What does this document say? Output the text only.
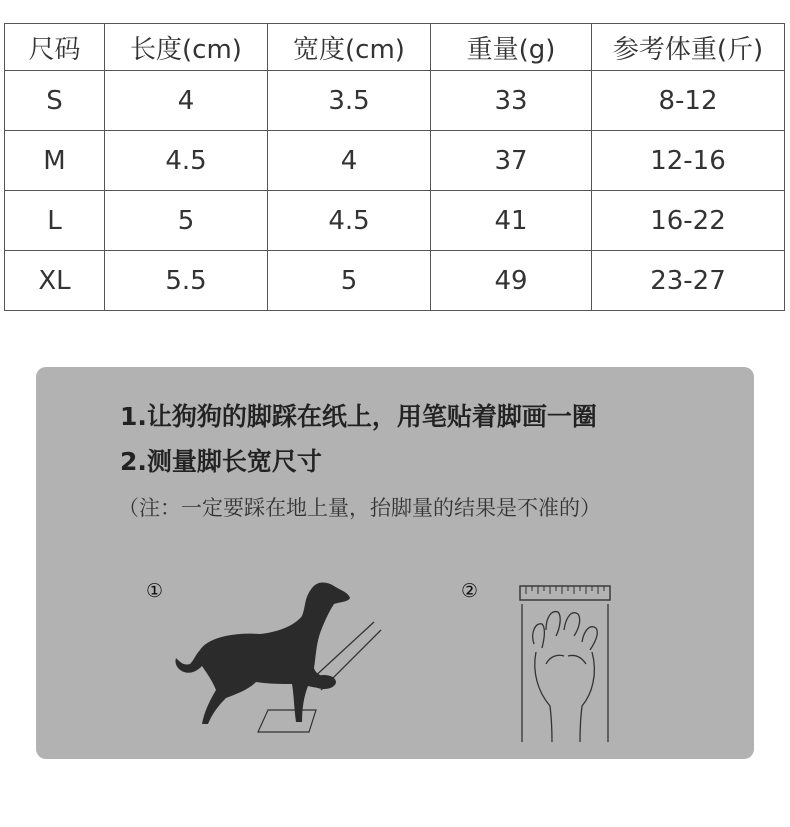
尺码	长度(cm)	宽度(cm)	重量(g)	参考体重(斤)
S	4	3.5	33	8-12
M	4.5	4	37	12-16
L	5	4.5	41	16-22
XL	5.5	5	49	23-27
1.让狗狗的脚踩在纸上，用笔贴着脚画一圈
2.测量脚长宽尺寸
（注：一定要踩在地上量，抬脚量的结果是不准的）
①	②
